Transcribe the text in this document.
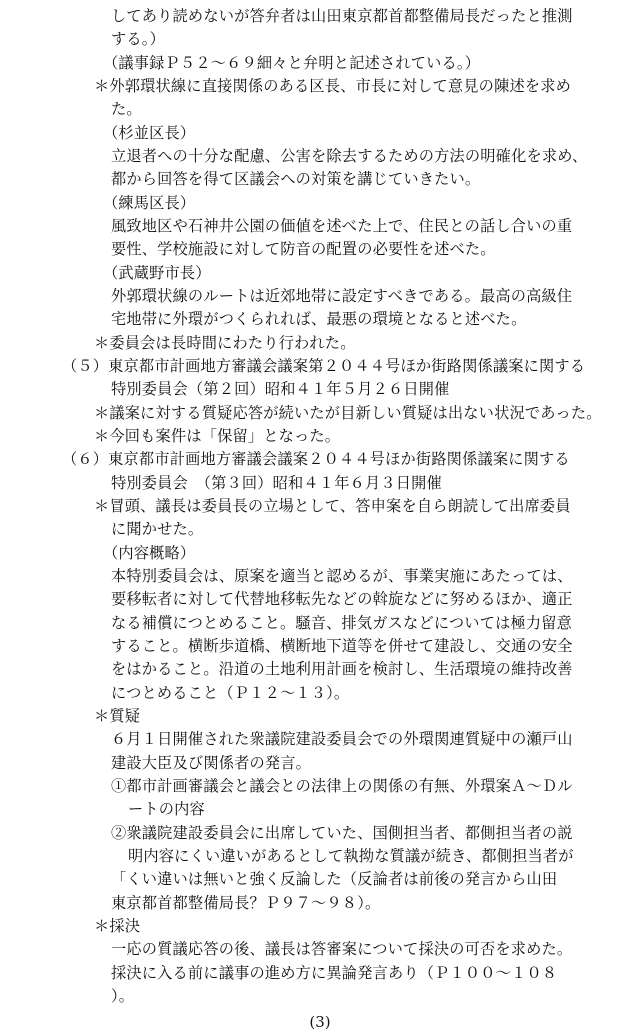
してあり読めないが答弁者は山田東京都首都整備局長だったと推測
する。）
（議事録Ｐ５２〜６９細々と弁明と記述されている。）
＊外郭環状線に直接関係のある区長、市長に対して意見の陳述を求め
た。
（杉並区長）
立退者への十分な配慮、公害を除去するための方法の明確化を求め、
都から回答を得て区議会への対策を講じていきたい。
（練馬区長）
風致地区や石神井公園の価値を述べた上で、住民との話し合いの重
要性、学校施設に対して防音の配置の必要性を述べた。
（武蔵野市長）
外郭環状線のルートは近郊地帯に設定すべきである。最高の高級住
宅地帯に外環がつくられれば、最悪の環境となると述べた。
＊委員会は長時間にわたり行われた。
（５）東京都市計画地方審議会議案第２０４４号ほか街路関係議案に関する
特別委員会（第２回）昭和４１年５月２６日開催
＊議案に対する質疑応答が続いたが目新しい質疑は出ない状況であった。
＊今回も案件は「保留」となった。
（６）東京都市計画地方審議会議案２０４４号ほか街路関係議案に関する
特別委員会　（第３回）昭和４１年６月３日開催
＊冒頭、議長は委員長の立場として、答申案を自ら朗読して出席委員
に聞かせた。
（内容概略）
本特別委員会は、原案を適当と認めるが、事業実施にあたっては、
要移転者に対して代替地移転先などの斡旋などに努めるほか、適正
なる補償につとめること。騒音、排気ガスなどについては極力留意
すること。横断歩道橋、横断地下道等を併せて建設し、交通の安全
をはかること。沿道の土地利用計画を検討し、生活環境の維持改善
につとめること（Ｐ１２〜１３）。
＊質疑
６月１日開催された衆議院建設委員会での外環関連質疑中の瀬戸山
建設大臣及び関係者の発言。
①都市計画審議会と議会との法律上の関係の有無、外環案Ａ〜Ｄル
ートの内容
②衆議院建設委員会に出席していた、国側担当者、都側担当者の説
明内容にくい違いがあるとして執拗な質議が続き、都側担当者が
「くい違いは無いと強く反論した（反論者は前後の発言から山田
東京都首都整備局長？Ｐ９７〜９８）。
＊採決
一応の質議応答の後、議長は答審案について採決の可否を求めた。
採決に入る前に議事の進め方に異論発言あり（Ｐ１００〜１０８
）。
(3)
